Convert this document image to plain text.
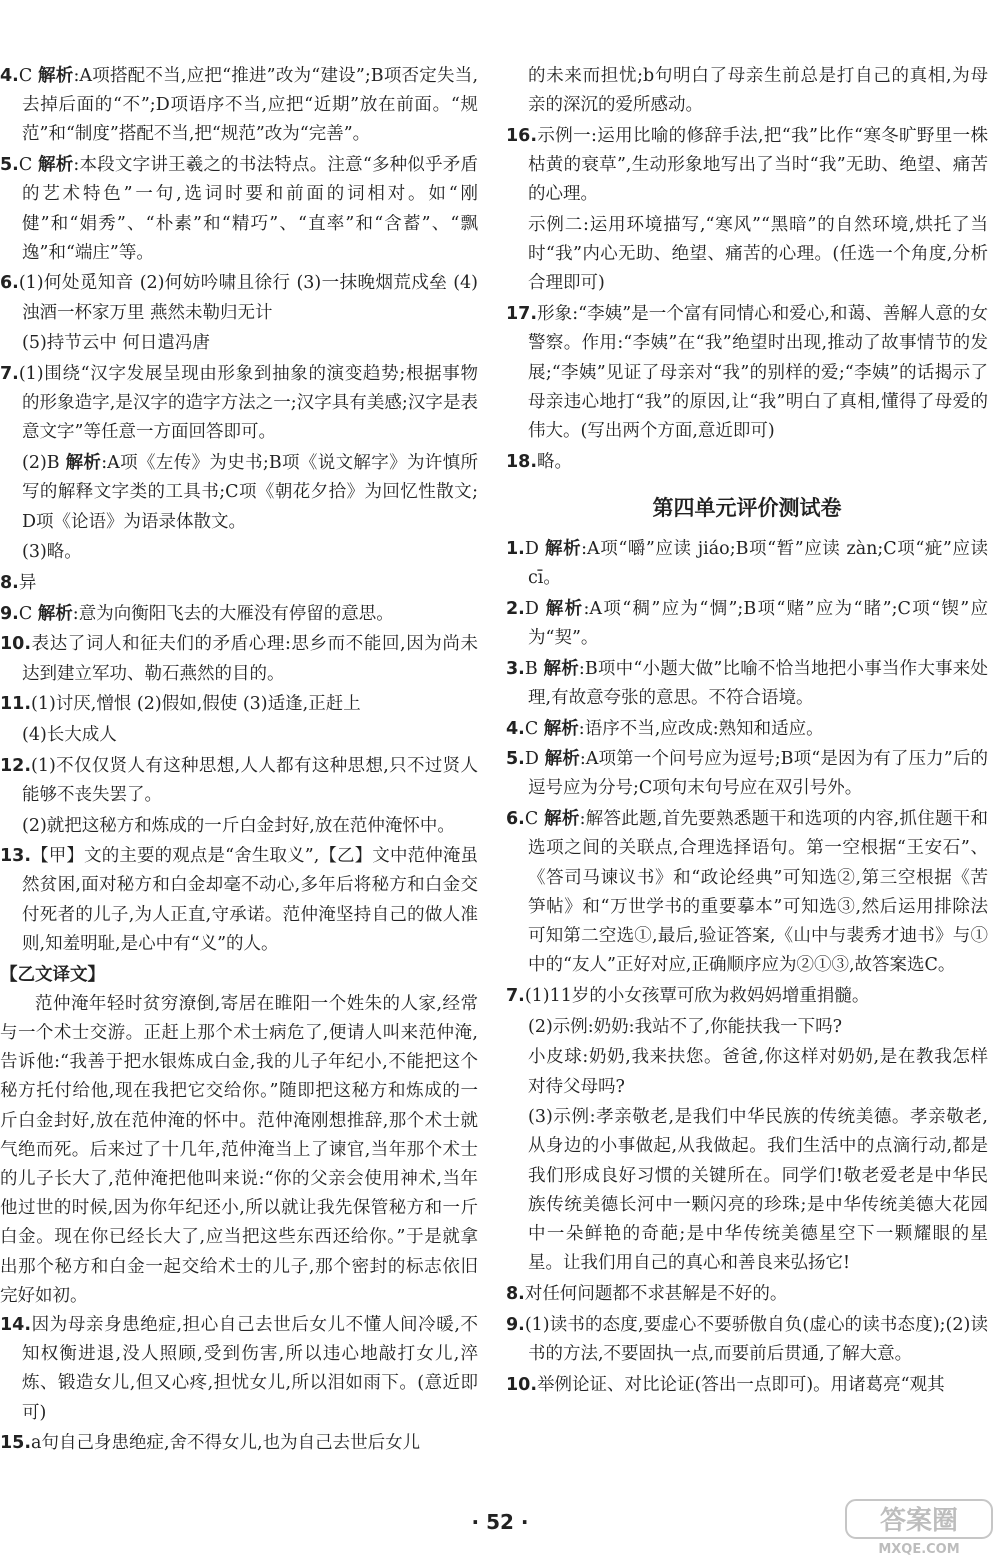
4.C 解析:A项搭配不当,应把“推进”改为“建设”;B项否定失当,去掉后面的“不”;D项语序不当,应把“近期”放在前面。“规范”和“制度”搭配不当,把“规范”改为“完善”。
5.C 解析:本段文字讲王羲之的书法特点。注意“多种似乎矛盾的艺术特色”一句,选词时要和前面的词相对。如“刚健”和“娟秀”、“朴素”和“精巧”、“直率”和“含蓄”、“飘逸”和“端庄”等。
6.(1)何处觅知音 (2)何妨吟啸且徐行 (3)一抹晚烟荒戍垒 (4)浊酒一杯家万里 燕然未勒归无计
(5)持节云中 何日遣冯唐
7.(1)围绕“汉字发展呈现由形象到抽象的演变趋势;根据事物的形象造字,是汉字的造字方法之一;汉字具有美感;汉字是表意文字”等任意一方面回答即可。
(2)B 解析:A项《左传》为史书;B项《说文解字》为许慎所写的解释文字类的工具书;C项《朝花夕拾》为回忆性散文;D项《论语》为语录体散文。
(3)略。
8.异
9.C 解析:意为向衡阳飞去的大雁没有停留的意思。
10.表达了词人和征夫们的矛盾心理:思乡而不能回,因为尚未达到建立军功、勒石燕然的目的。
11.(1)讨厌,憎恨 (2)假如,假使 (3)适逢,正赶上
(4)长大成人
12.(1)不仅仅贤人有这种思想,人人都有这种思想,只不过贤人能够不丧失罢了。
(2)就把这秘方和炼成的一斤白金封好,放在范仲淹怀中。
13.【甲】文的主要的观点是“舍生取义”,【乙】文中范仲淹虽然贫困,面对秘方和白金却毫不动心,多年后将秘方和白金交付死者的儿子,为人正直,守承诺。范仲淹坚持自己的做人准则,知羞明耻,是心中有“义”的人。
【乙文译文】
范仲淹年轻时贫穷潦倒,寄居在睢阳一个姓朱的人家,经常与一个术士交游。正赶上那个术士病危了,便请人叫来范仲淹,告诉他:“我善于把水银炼成白金,我的儿子年纪小,不能把这个秘方托付给他,现在我把它交给你。”随即把这秘方和炼成的一斤白金封好,放在范仲淹的怀中。范仲淹刚想推辞,那个术士就气绝而死。后来过了十几年,范仲淹当上了谏官,当年那个术士的儿子长大了,范仲淹把他叫来说:“你的父亲会使用神术,当年他过世的时候,因为你年纪还小,所以就让我先保管秘方和一斤白金。现在你已经长大了,应当把这些东西还给你。”于是就拿出那个秘方和白金一起交给术士的儿子,那个密封的标志依旧完好如初。
14.因为母亲身患绝症,担心自己去世后女儿不懂人间冷暖,不知权衡进退,没人照顾,受到伤害,所以违心地敲打女儿,淬炼、锻造女儿,但又心疼,担忧女儿,所以泪如雨下。(意近即可)
15.a句自己身患绝症,舍不得女儿,也为自己去世后女儿
的未来而担忧;b句明白了母亲生前总是打自己的真相,为母亲的深沉的爱所感动。
16.示例一:运用比喻的修辞手法,把“我”比作“寒冬旷野里一株枯黄的衰草”,生动形象地写出了当时“我”无助、绝望、痛苦的心理。
示例二:运用环境描写,“寒风”“黑暗”的自然环境,烘托了当时“我”内心无助、绝望、痛苦的心理。(任选一个角度,分析合理即可)
17.形象:“李姨”是一个富有同情心和爱心,和蔼、善解人意的女警察。作用:“李姨”在“我”绝望时出现,推动了故事情节的发展;“李姨”见证了母亲对“我”的别样的爱;“李姨”的话揭示了母亲违心地打“我”的原因,让“我”明白了真相,懂得了母爱的伟大。(写出两个方面,意近即可)
18.略。
第四单元评价测试卷
1.D 解析:A项“嚼”应读 jiáo;B项“暂”应读 zàn;C项“疵”应读 cī。
2.D 解析:A项“稠”应为“惆”;B项“赌”应为“睹”;C项“锲”应为“契”。
3.B 解析:B项中“小题大做”比喻不恰当地把小事当作大事来处理,有故意夸张的意思。不符合语境。
4.C 解析:语序不当,应改成:熟知和适应。
5.D 解析:A项第一个问号应为逗号;B项“是因为有了压力”后的逗号应为分号;C项句末句号应在双引号外。
6.C 解析:解答此题,首先要熟悉题干和选项的内容,抓住题干和选项之间的关联点,合理选择语句。第一空根据“王安石”、《答司马谏议书》和“政论经典”可知选②,第三空根据《苦笋帖》和“万世学书的重要摹本”可知选③,然后运用排除法可知第二空选①,最后,验证答案,《山中与裴秀才迪书》与①中的“友人”正好对应,正确顺序应为②①③,故答案选C。
7.(1)11岁的小女孩覃可欣为救妈妈增重捐髓。
(2)示例:奶奶:我站不了,你能扶我一下吗?
小皮球:奶奶,我来扶您。爸爸,你这样对奶奶,是在教我怎样对待父母吗?
(3)示例:孝亲敬老,是我们中华民族的传统美德。孝亲敬老,从身边的小事做起,从我做起。我们生活中的点滴行动,都是我们形成良好习惯的关键所在。同学们!敬老爱老是中华民族传统美德长河中一颗闪亮的珍珠;是中华传统美德大花园中一朵鲜艳的奇葩;是中华传统美德星空下一颗耀眼的星星。让我们用自己的真心和善良来弘扬它!
8.对任何问题都不求甚解是不好的。
9.(1)读书的态度,要虚心不要骄傲自负(虚心的读书态度);(2)读书的方法,不要固执一点,而要前后贯通,了解大意。
10.举例论证、对比论证(答出一点即可)。用诸葛亮“观其
· 52 ·	答案圈
MXQE.COM
